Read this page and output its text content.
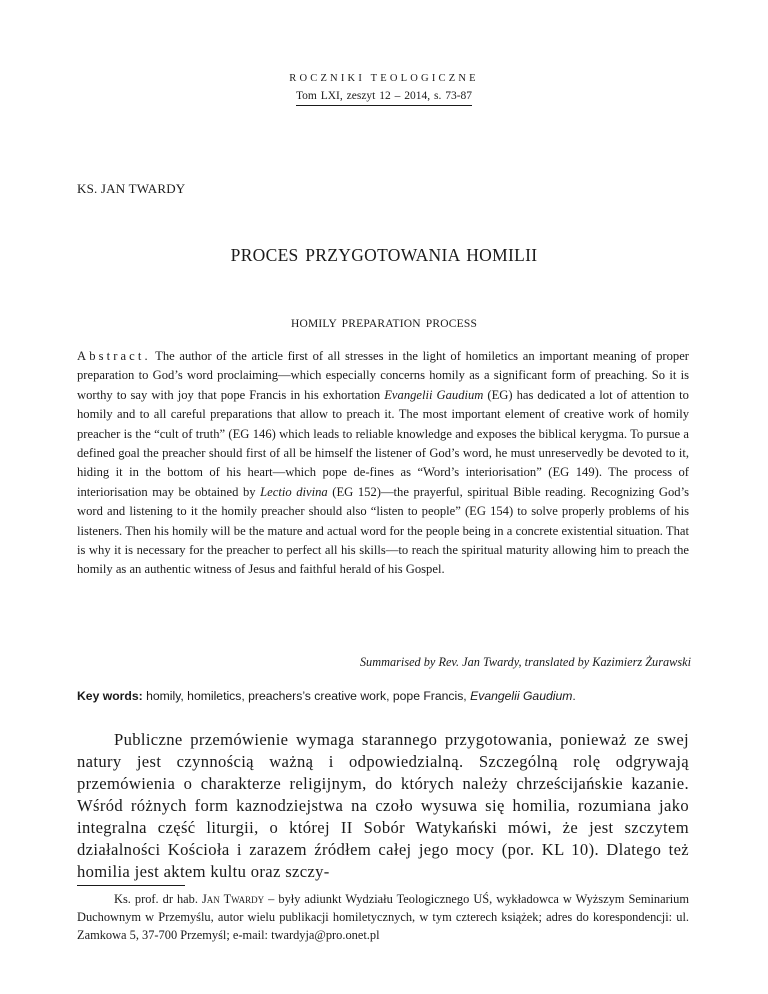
ROCZNIKI TEOLOGICZNE
Tom LXI, zeszyt 12 – 2014, s. 73-87
KS. JAN TWARDY
PROCES PRZYGOTOWANIA HOMILII
HOMILY PREPARATION PROCESS
Abstract. The author of the article first of all stresses in the light of homiletics an important meaning of proper preparation to God’s word proclaiming—which especially concerns homily as a significant form of preaching. So it is worthy to say with joy that pope Francis in his exhortation Evangelii Gaudium (EG) has dedicated a lot of attention to homily and to all careful preparations that allow to preach it. The most important element of creative work of homily preacher is the “cult of truth” (EG 146) which leads to reliable knowledge and exposes the biblical kerygma. To pursue a defined goal the preacher should first of all be himself the listener of God’s word, he must unreservedly be devoted to it, hiding it in the bottom of his heart—which pope de-fines as “Word’s interiorisation” (EG 149). The process of interiorisation may be obtained by Lectio divina (EG 152)—the prayerful, spiritual Bible reading. Recognizing God’s word and listening to it the homily preacher should also “listen to people” (EG 154) to solve properly problems of his listeners. Then his homily will be the mature and actual word for the people being in a concrete existential situation. That is why it is necessary for the preacher to perfect all his skills—to reach the spiritual maturity allowing him to preach the homily as an authentic witness of Jesus and faithful herald of his Gospel.
Summarised by Rev. Jan Twardy, translated by Kazimierz Żurawski
Key words: homily, homiletics, preachers’s creative work, pope Francis, Evangelii Gaudium.

Publiczne przemówienie wymaga starannego przygotowania, ponieważ ze swej natury jest czynnością ważną i odpowiedzialną. Szczególną rolę odgrywają przemówienia o charakterze religijnym, do których należy chrześcijańskie kazanie. Wśród różnych form kaznodziejstwa na czoło wysuwa się homilia, rozumiana jako integralna część liturgii, o której II Sobór Watykański mówi, że jest szczytem działalności Kościoła i zarazem źródłem całej jego mocy (por. KL 10). Dlatego też homilia jest aktem kultu oraz szczy-

Ks. prof. dr hab. Jan Twardy – były adiunkt Wydziału Teologicznego UŚ, wykładowca w Wyższym Seminarium Duchownym w Przemyślu, autor wielu publikacji homiletycznych, w tym czterech książek; adres do korespondencji: ul. Zamkowa 5, 37-700 Przemyśl; e-mail: twardyja@pro.onet.pl
